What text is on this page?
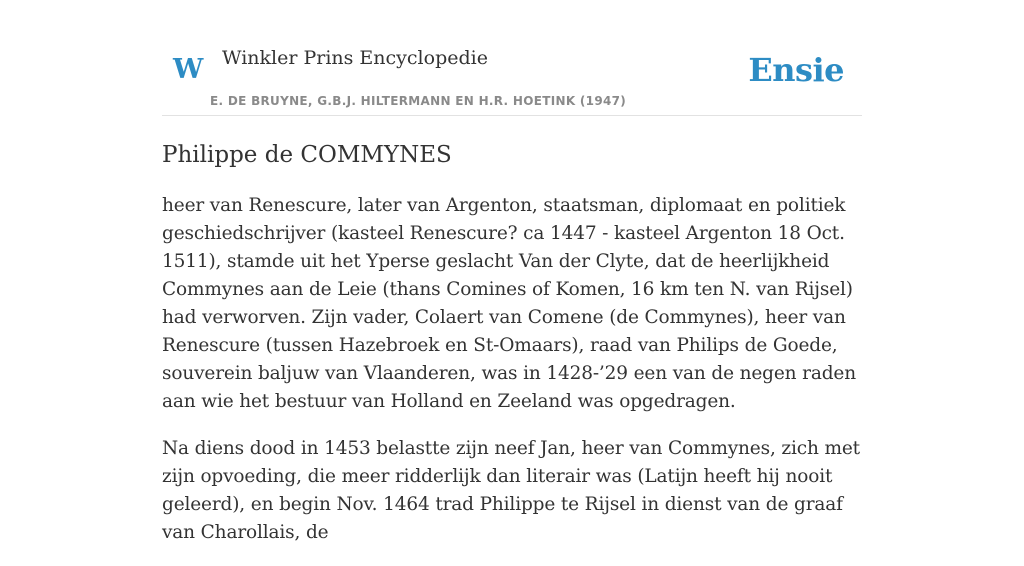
W Winkler Prins Encyclopedie
E. DE BRUYNE, G.B.J. HILTERMANN EN H.R. HOETINK (1947)
Ensie
Philippe de COMMYNES

heer van Renescure, later van Argenton, staatsman, diplomaat en politiek geschiedschrijver (kasteel Renescure? ca 1447 - kasteel Argenton 18 Oct. 1511), stamde uit het Yperse geslacht Van der Clyte, dat de heerlijkheid Commynes aan de Leie (thans Comines of Komen, 16 km ten N. van Rijsel) had verworven. Zijn vader, Colaert van Comene (de Commynes), heer van Renescure (tussen Hazebroek en St-Omaars), raad van Philips de Goede, souverein baljuw van Vlaanderen, was in 1428-’29 een van de negen raden aan wie het bestuur van Holland en Zeeland was opgedragen.

Na diens dood in 1453 belastte zijn neef Jan, heer van Commynes, zich met zijn opvoeding, die meer ridderlijk dan literair was (Latijn heeft hij nooit geleerd), en begin Nov. 1464 trad Philippe te Rijsel in dienst van de graaf van Charollais, de
